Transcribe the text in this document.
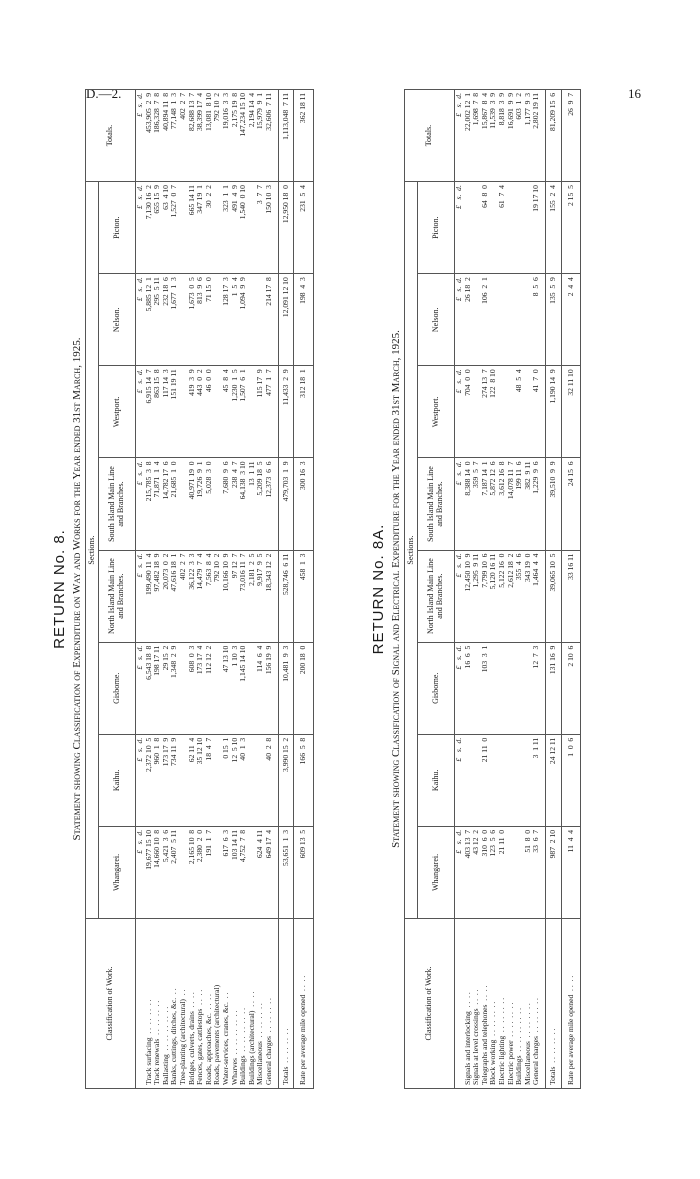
D.—2.	16
RETURN No. 8. Statement showing Classification of Expenditure on Way and Works for the Year ended 31st March, 1925.
Classification of Work.	Sections.								Totals.
	Whangarei.	Kaihu.	Gisborne.	North Island Main Line and Branches.	South Island Main Line and Branches.	Westport.	Nelson.	Picton.	
	£   s.  d.	£   s.  d.	£   s.  d.	£   s.  d.	£   s.  d.	£   s.  d.	£   s.  d.	£   s.  d.	£   s.  d.
Track surfacing  . .  . .  . .  . .	19,677 15 10	2,372 10  5	6,543 18  8	199,490 11  4	215,785  3  8	6,915 14  7	5,885 12  1	7,130 16  2	453,905  2  9
Track renewals  . .  . .  . .  . .	14,660 10  8	960  1  8	198 17 11	97,482 18  9	71,871  1  4	863 15  8	295  5 11	655 15  9	186,328  7  8
Ballasting  . .  . .  . .  . .  . .	5,421  3  6	173 17  9	29 15  2	20,073  0  2	14,782 17  6	117 14  3	232 18  6	63  4 10	40,894 11  8
Banks, cuttings, ditches, &c.  . .	2,407  5 11	734 11  9	1,348  2  9	47,616 18  1	21,685  1  0	151 19 11	1,677  1  3	1,527  0  7	77,148  1  3
Tree-planting (architectural)  . .				402  2  7					402  2  7
Bridges, culverts, drains  . .  . .	2,165 10  8	62 11  4	608  0  3	36,122  3  3	40,971 19  0	419  3  9	1,673  0  5	665 14 11	82,688 13  7
Fences, gates, cattlestops  . .  . .	2,380  2  0	35 12 10	173 17  4	14,479  7  4	19,726  9  1	443  0  2	813  9  6	347 19  1	38,399 17  4
Roads, approaches, &c.  . .  . .	191  1  7	18  4  7	112 12  2	7,563  8  4	5,028  3  0	46  0  0	71 15  0	30  2  2	13,081  8 10
Roads, pavements (architectural)				792 10  2					792 10  2
Water-services, cranes, &c.  . .	617  6  3	0 15  1	47 13 10	10,166 10  9	7,680  9  6	45  8  4	128 17  3	323  1  1	19,016  3  3
Wharves  . .  . .  . .  . .  . .	103 14 11	12  5 10	1 10  3	97 12  7	238  4  7	1,230  1  5	1  5  4	491  4  9	2,175 19  8
Buildings  . .  . .  . .  . .  . .	4,752  7  8	40  1  3	1,145 14 10	73,016 11  7	64,138  3 10	1,507  6  1	1,094  9  9	1,540  0 10	147,234 15 10
Buildings (architectural)  . .  . .				2,181  2  5	13  1 11				2,194 14  4
Miscellaneous  . .  . .  . .  . .	624  4 11		114  6  4	9,917  9  5	5,209 18  5	115 17  9		3  7  7	15,979  9  1
General charges  . .  . .  . .  . .	649 17  4	40  2  8	156 19  9	18,343 12  2	12,373  6  6	477  1  7	214 17  8	150 10  3	32,606  7 11

Totals  . .  . .  . .  . .	53,651  1  3	3,990 15  2	10,481  9  3	528,746  6 11	479,703  1  9	11,433  2  9	12,091 12 10	12,950 18  0	1,113,048  7 11
Rate per average mile opened  . .  . .	609 13  5	166  5  8	200 18  0	458  1  3	300 16  3	312 18  1	198  4  3	231  5  4	362 18 11
RETURN No. 8A. Statement showing Classification of Signal and Electrical Expenditure for the Year ended 31st March, 1925.
Classification of Work.	Sections.								Totals.
	Whangarei.	Kaihu.	Gisborne.	North Island Main Line and Branches.	South Island Main Line and Branches.	Westport.	Nelson.	Picton.	
	£   s.  d.	£   s.  d.	£   s.  d.	£   s.  d.	£   s.  d.	£   s.  d.	£   s.  d.	£   s.  d.	£   s.  d.
Signals and interlocking  . .  . .	403 13  7		16  6  5	12,450 10  9	8,388 14  0	704  0  0	26 18  2		22,002 12  1
Signals at level crossings  . .  . .	43 12  2			1,295  9 11	359  5  7				1,698  7  8
Telegraphs and telephones  . .  . .	310  6  0	21 11  0	103  3  1	7,799 10  6	7,187 14  1	274 13  7	106  2  1	64  8  0	15,867  8  4
Block working  . .  . .  . .  . .	123  5  6			5,120 16 11	5,872 12  6	122  8 10			11,539  3  9
Electric lighting  . .  . .  . .  . .	21 11  0			5,122 16  0	3,612 16  8			61  7  4	8,818  3  9
Electric power  . .  . .  . .  . .				2,612 18  2	14,078 11  7				16,691  9  9
Buildings  . .  . .  . .  . .  . .				355  4  6	199 11  6	48  5  4			603  1  2
Miscellaneous  . .  . .  . .  . .	51  8  0			343 19  0	382  9 11				1,177  9  3
General charges  . .  . .  . .  . .	33  6  7	3  1 11	12  7  3	1,464  4  4	1,229  9  6	41  7  0	8  5  6	19 17 10	2,802 19 11

Totals  . .  . .  . .  . .	987  2 10	24 12 11	131 16  9	39,065 10  5	39,510  9  9	1,190 14  9	135  5  9	155  2  4	81,209 15  6
Rate per average mile opened  . .  . .	11  4  4	1  0  6	2 10  6	33 16 11	24 15  6	32 11 10	2  4  4	2 15  5	26  9  7
